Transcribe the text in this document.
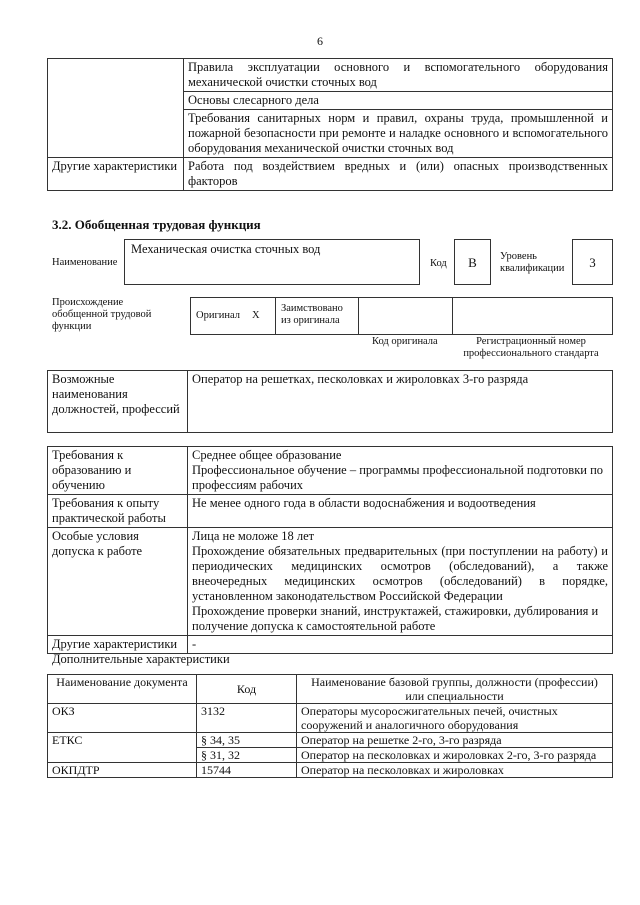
6
	Правила эксплуатации основного и вспомогательного оборудования механической очистки сточных вод
	Основы слесарного дела
	Требования санитарных норм и правил, охраны труда, промышленной и пожарной безопасности при ремонте и наладке основного и вспомогательного оборудования механической очистки сточных вод
Другие характеристики	Работа под воздействием вредных и (или) опасных производственных факторов
3.2. Обобщенная трудовая функция
Наименование
Механическая очистка сточных вод
Код	B	Уровень квалификации	3
Происхождение обобщенной трудовой функции
Оригинал X
Заимствовано из оригинала
Код оригинала	Регистрационный номер профессионального стандарта
Возможные наименования должностей, профессий	Оператор на решетках, песколовках и жироловках 3-го разряда
Требования к образованию и обучению	Среднее общее образование
Профессиональное обучение – программы профессиональной подготовки по профессиям рабочих

Требования к опыту практической работы	Не менее одного года в области водоснабжения и водоотведения
Особые условия допуска к работе	Лица не моложе 18 лет
Прохождение обязательных предварительных (при поступлении на работу) и периодических медицинских осмотров (обследований), а также внеочередных медицинских осмотров (обследований) в порядке, установленном законодательством Российской Федерации
Прохождение проверки знаний, инструктажей, стажировки, дублирования и получение допуска к самостоятельной работе

Другие характеристики	-
Дополнительные характеристики
Наименование документа	Код	Наименование базовой группы, должности (профессии) или специальности
ОКЗ	3132	Операторы мусоросжигательных печей, очистных сооружений и аналогичного оборудования
ЕТКС	§ 34, 35	Оператор на решетке 2-го, 3-го разряда
	§ 31, 32	Оператор на песколовках и жироловках 2-го, 3-го разряда
ОКПДТР	15744	Оператор на песколовках и жироловках
